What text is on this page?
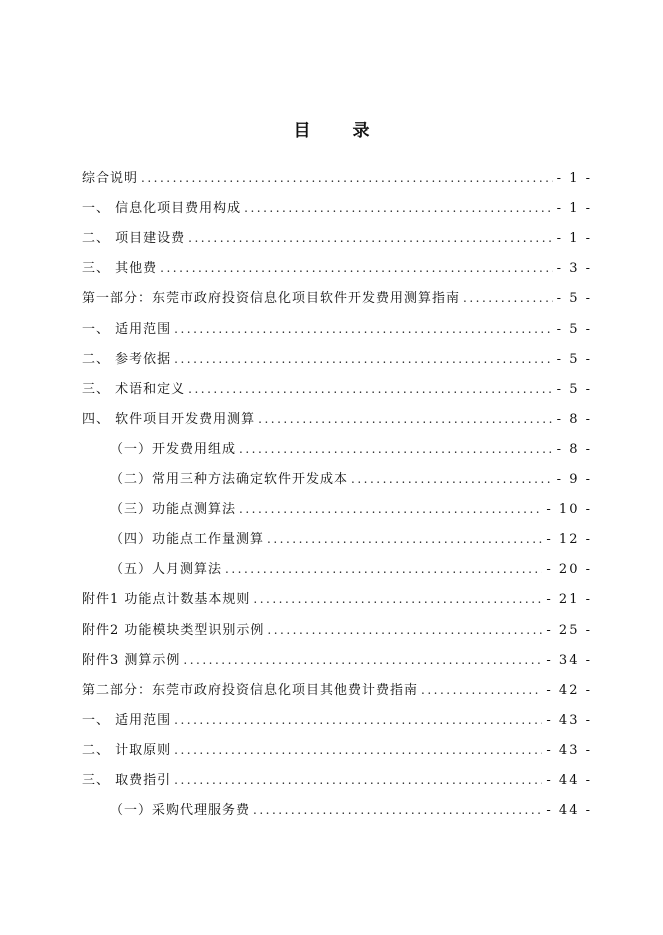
目 录
综合说明 .....	- 1 -
一、 信息化项目费用构成 .....	- 1 -
二、 项目建设费 .....	- 1 -
三、 其他费 .....	- 3 -
第一部分：东莞市政府投资信息化项目软件开发费用测算指南 .....	- 5 -
一、 适用范围 .....	- 5 -
二、 参考依据 .....	- 5 -
三、 术语和定义 .....	- 5 -
四、 软件项目开发费用测算 .....	- 8 -
（一）开发费用组成 .....	- 8 -
（二）常用三种方法确定软件开发成本 .....	- 9 -
（三）功能点测算法 .....	- 10 -
（四）功能点工作量测算 .....	- 12 -
（五）人月测算法 .....	- 20 -
附件1 功能点计数基本规则 .....	- 21 -
附件2 功能模块类型识别示例 .....	- 25 -
附件3 测算示例 .....	- 34 -
第二部分：东莞市政府投资信息化项目其他费计费指南 .....	- 42 -
一、 适用范围 .....	- 43 -
二、 计取原则 .....	- 43 -
三、 取费指引 .....	- 44 -
（一）采购代理服务费 .....	- 44 -
